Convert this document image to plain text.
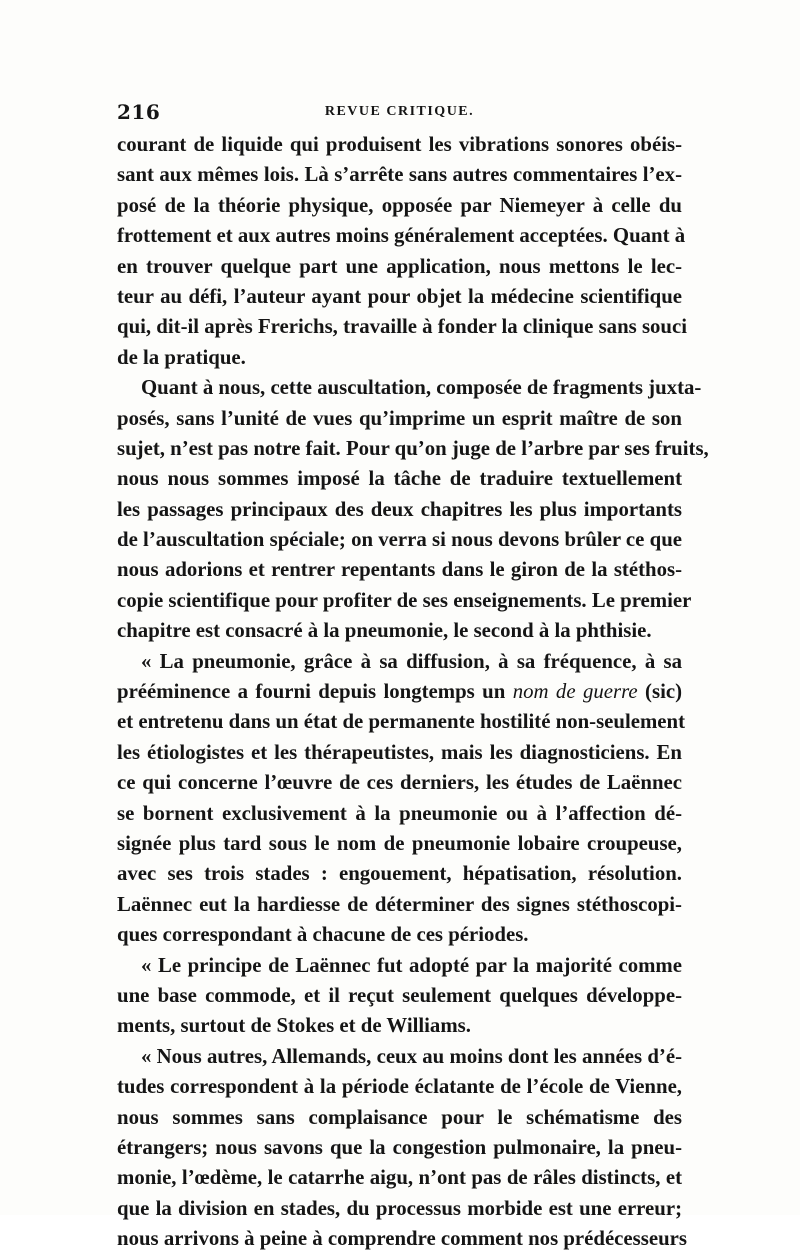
216	REVUE CRITIQUE.
courant de liquide qui produisent les vibrations sonores obéis-
sant aux mêmes lois. Là s’arrête sans autres commentaires l’ex-
posé de la théorie physique, opposée par Niemeyer à celle du
frottement et aux autres moins généralement acceptées. Quant à
en trouver quelque part une application, nous mettons le lec-
teur au défi, l’auteur ayant pour objet la médecine scientifique
qui, dit-il après Frerichs, travaille à fonder la clinique sans souci
de la pratique.
Quant à nous, cette auscultation, composée de fragments juxta-
posés, sans l’unité de vues qu’imprime un esprit maître de son
sujet, n’est pas notre fait. Pour qu’on juge de l’arbre par ses fruits,
nous nous sommes imposé la tâche de traduire textuellement
les passages principaux des deux chapitres les plus importants
de l’auscultation spéciale; on verra si nous devons brûler ce que
nous adorions et rentrer repentants dans le giron de la stéthos-
copie scientifique pour profiter de ses enseignements. Le premier
chapitre est consacré à la pneumonie, le second à la phthisie.
« La pneumonie, grâce à sa diffusion, à sa fréquence, à sa
prééminence a fourni depuis longtemps un nom de guerre (sic)
et entretenu dans un état de permanente hostilité non-seulement
les étiologistes et les thérapeutistes, mais les diagnosticiens. En
ce qui concerne l’œuvre de ces derniers, les études de Laënnec
se bornent exclusivement à la pneumonie ou à l’affection dé-
signée plus tard sous le nom de pneumonie lobaire croupeuse,
avec ses trois stades : engouement, hépatisation, résolution.
Laënnec eut la hardiesse de déterminer des signes stéthoscopi-
ques correspondant à chacune de ces périodes.
« Le principe de Laënnec fut adopté par la majorité comme
une base commode, et il reçut seulement quelques développe-
ments, surtout de Stokes et de Williams.
« Nous autres, Allemands, ceux au moins dont les années d’é-
tudes correspondent à la période éclatante de l’école de Vienne,
nous sommes sans complaisance pour le schématisme des
étrangers; nous savons que la congestion pulmonaire, la pneu-
monie, l’œdème, le catarrhe aigu, n’ont pas de râles distincts, et
que la division en stades, du processus morbide est une erreur;
nous arrivons à peine à comprendre comment nos prédécesseurs
